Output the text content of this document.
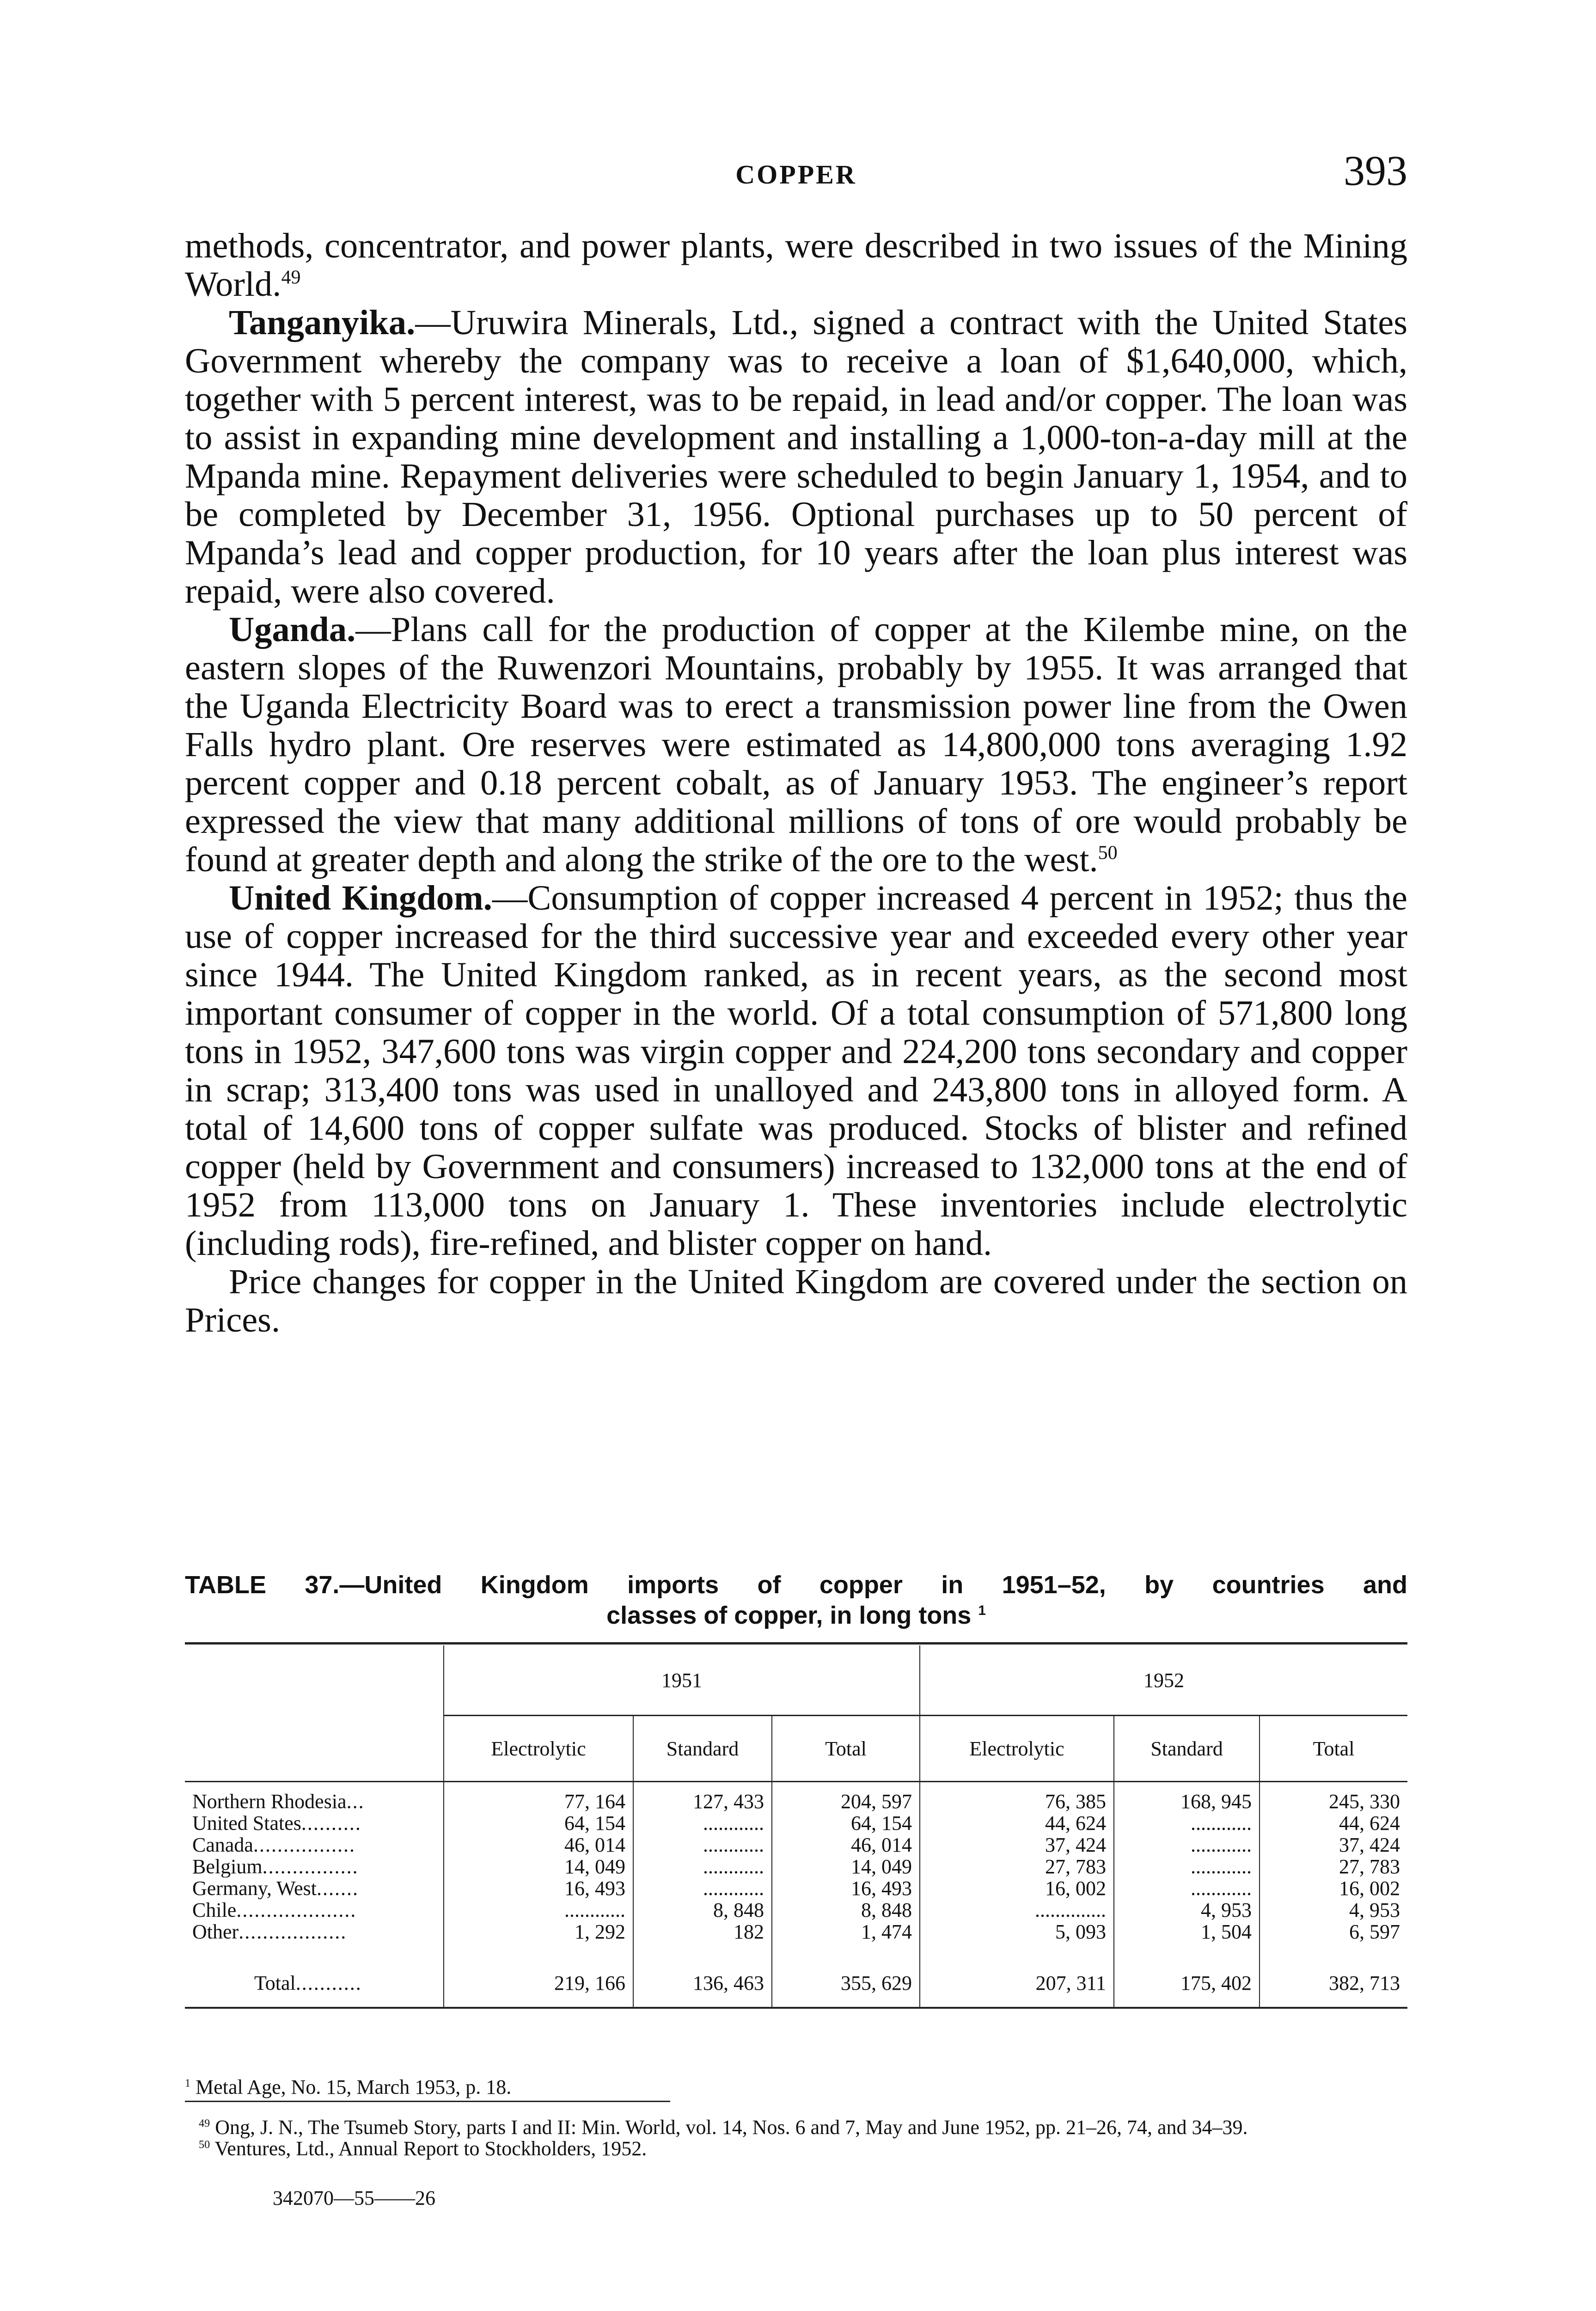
COPPER	393

methods, concentrator, and power plants, were described in two issues of the Mining World.$^{49}$

Tanganyika.—Uruwira Minerals, Ltd., signed a contract with the United States Government whereby the company was to receive a loan of $1,640,000, which, together with 5 percent interest, was to be repaid, in lead and/or copper. The loan was to assist in expanding mine development and installing a 1,000-ton-a-day mill at the Mpanda mine. Repayment deliveries were scheduled to begin January 1, 1954, and to be completed by December 31, 1956. Optional purchases up to 50 percent of Mpanda’s lead and copper production, for 10 years after the loan plus interest was repaid, were also covered.

Uganda.—Plans call for the production of copper at the Kilembe mine, on the eastern slopes of the Ruwenzori Mountains, probably by 1955. It was arranged that the Uganda Electricity Board was to erect a transmission power line from the Owen Falls hydro plant. Ore reserves were estimated as 14,800,000 tons averaging 1.92 percent copper and 0.18 percent cobalt, as of January 1953. The engineer’s report expressed the view that many additional millions of tons of ore would probably be found at greater depth and along the strike of the ore to the west.$^{50}$

United Kingdom.—Consumption of copper increased 4 percent in 1952; thus the use of copper increased for the third successive year and exceeded every other year since 1944. The United Kingdom ranked, as in recent years, as the second most important consumer of copper in the world. Of a total consumption of 571,800 long tons in 1952, 347,600 tons was virgin copper and 224,200 tons secondary and copper in scrap; 313,400 tons was used in unalloyed and 243,800 tons in alloyed form. A total of 14,600 tons of copper sulfate was produced. Stocks of blister and refined copper (held by Government and consumers) increased to 132,000 tons at the end of 1952 from 113,000 tons on January 1. These inventories include electrolytic (including rods), fire-refined, and blister copper on hand.

Price changes for copper in the United Kingdom are covered under the section on Prices.

TABLE 37.—United Kingdom imports of copper in 1951–52, by countries and
classes of copper, in long tons $^1$
	1951			1952		
	Electrolytic	Standard	Total	Electrolytic	Standard	Total
Northern Rhodesia...	77, 164	127, 433	204, 597	76, 385	168, 945	245, 330
United States..........	64, 154	............	64, 154	44, 624	............	44, 624
Canada.................	46, 014	............	46, 014	37, 424	............	37, 424
Belgium................	14, 049	............	14, 049	27, 783	............	27, 783
Germany, West.......	16, 493	............	16, 493	16, 002	............	16, 002
Chile....................	............	8, 848	8, 848	..............	4, 953	4, 953
Other..................	1, 292	182	1, 474	5, 093	1, 504	6, 597
Total...........	219, 166	136, 463	355, 629	207, 311	175, 402	382, 713
$^1$ Metal Age, No. 15, March 1953, p. 18.

$^{49}$ Ong, J. N., The Tsumeb Story, parts I and II: Min. World, vol. 14, Nos. 6 and 7, May and June 1952, pp. 21–26, 74, and 34–39.

$^{50}$ Ventures, Ltd., Annual Report to Stockholders, 1952.

342070—55——26
